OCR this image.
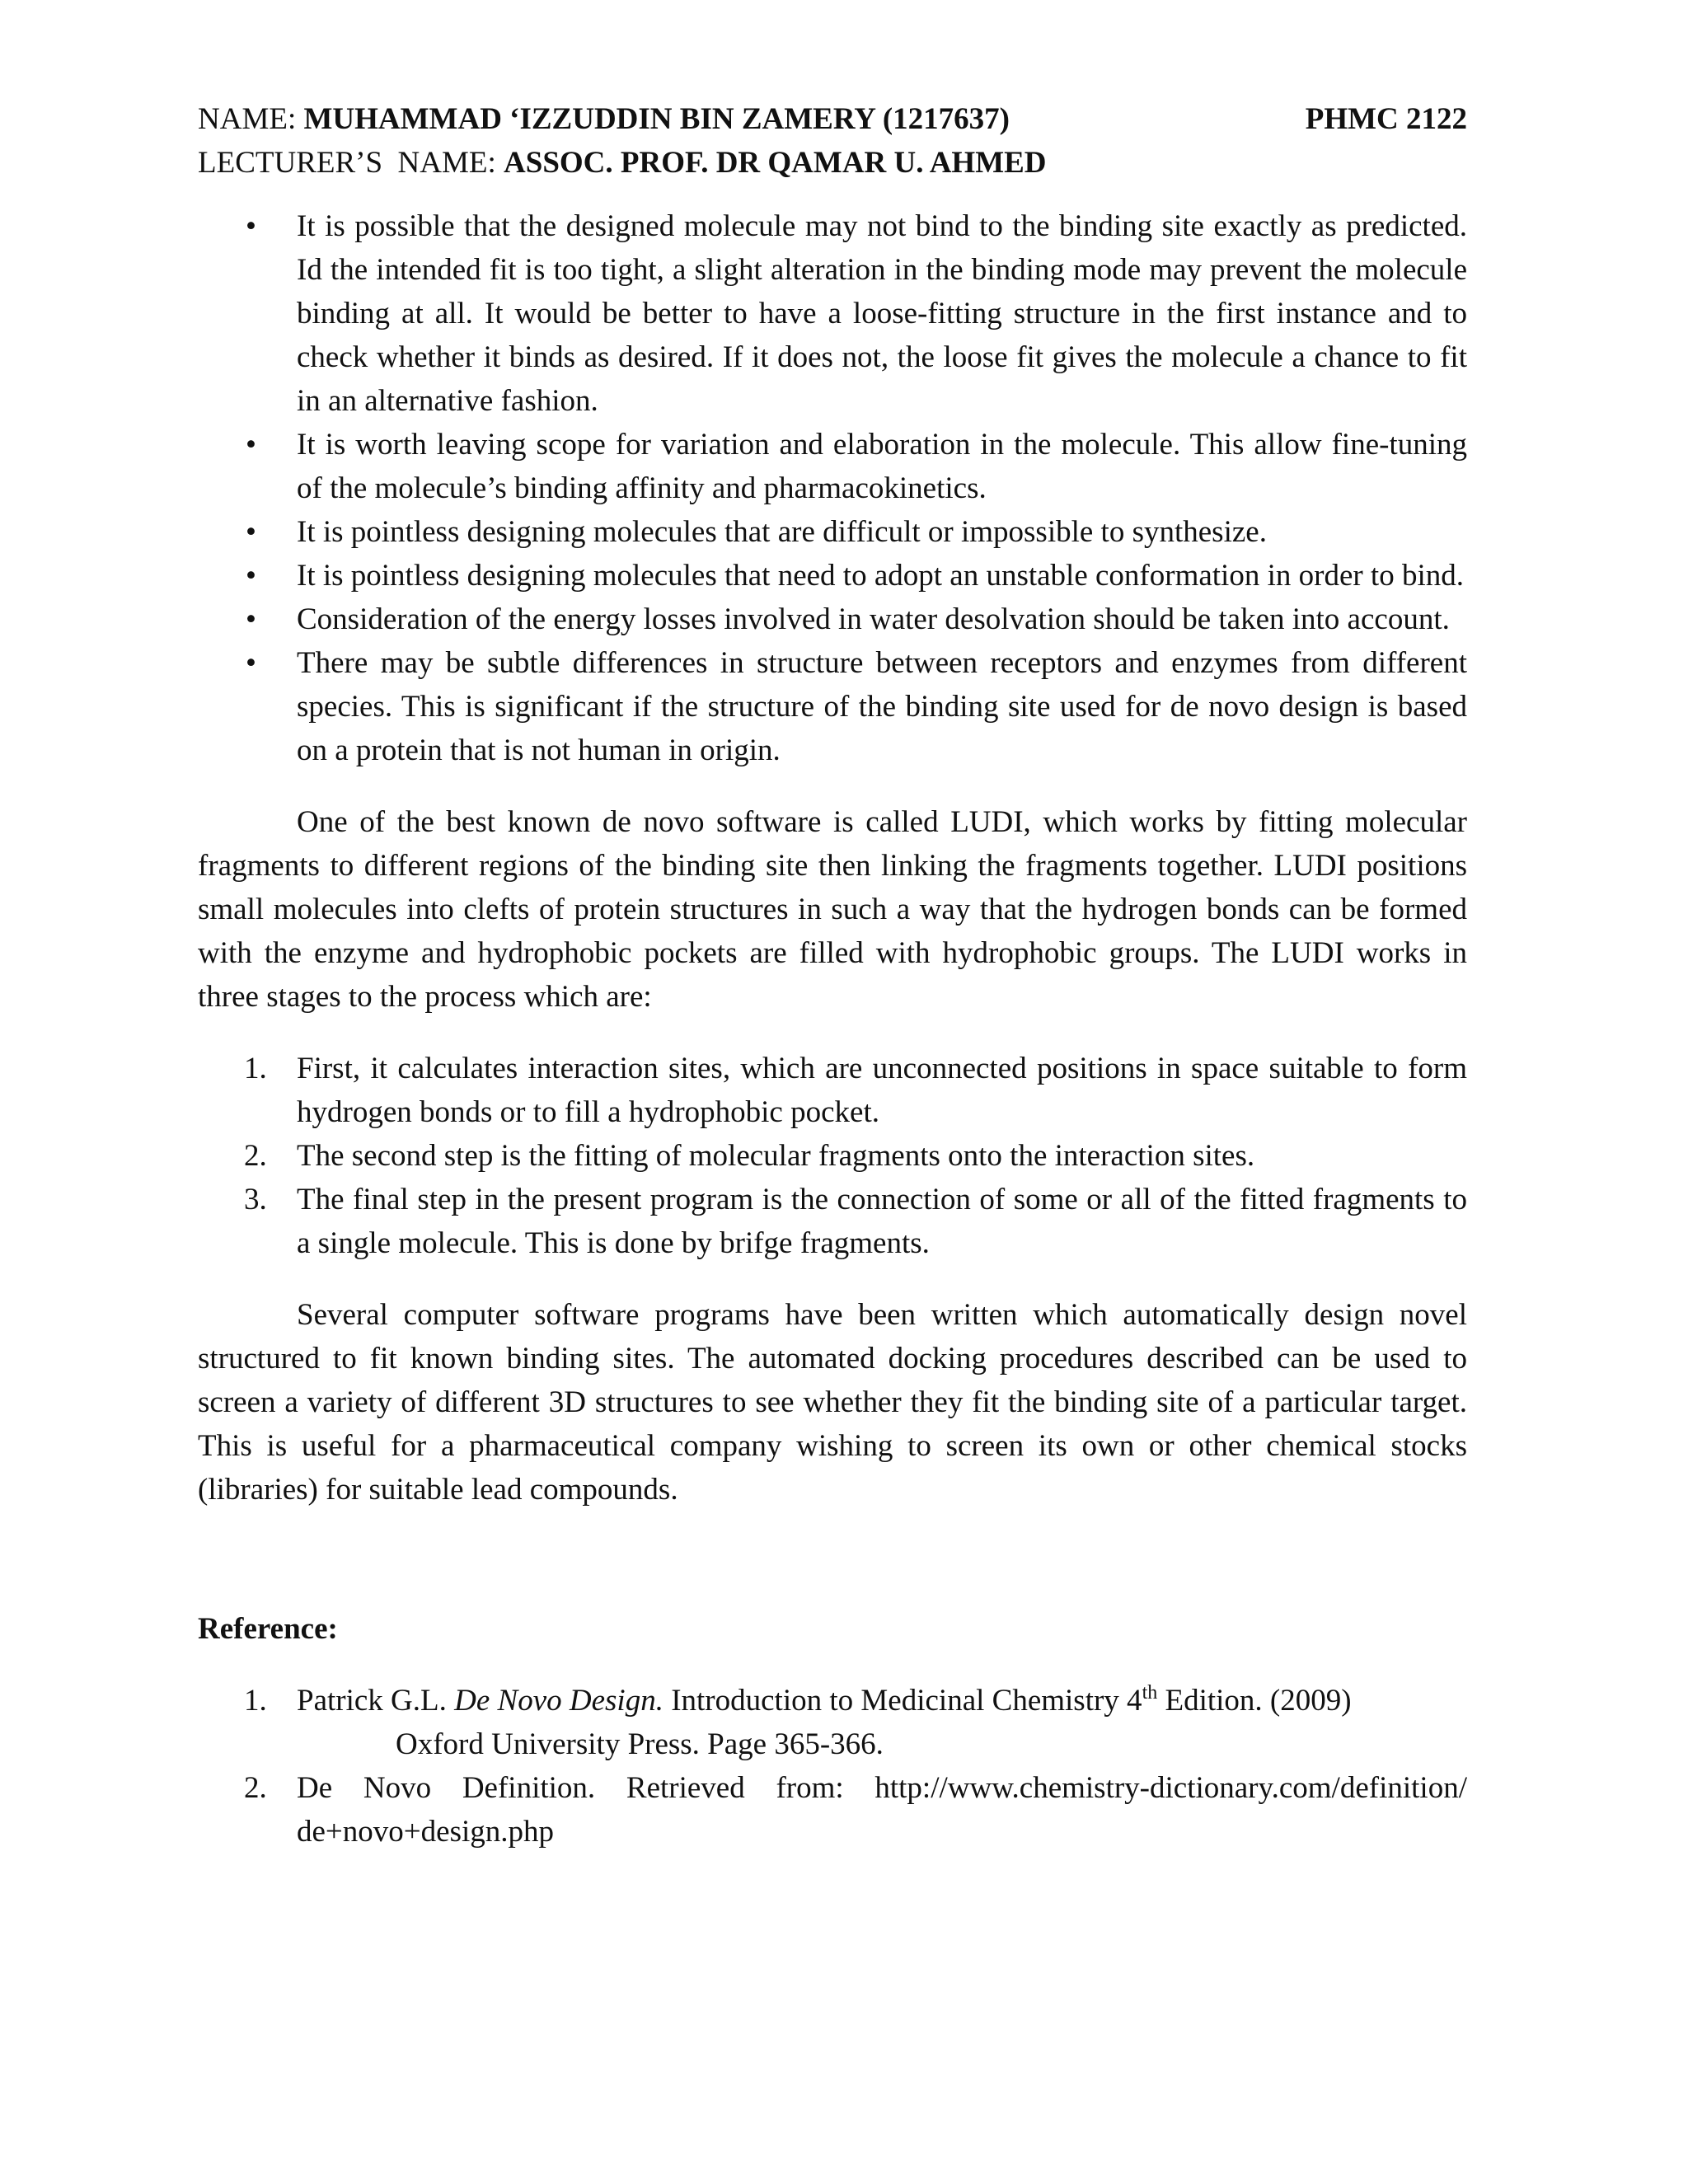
NAME: MUHAMMAD ‘IZZUDDIN BIN ZAMERY (1217637)	PHMC 2122
LECTURER’S  NAME:
ASSOC. PROF. DR QAMAR U. AHMED
• It is possible that the designed molecule may not bind to the binding site exactly as predicted. Id the intended fit is too tight, a slight alteration in the binding mode may prevent the molecule binding at all. It would be better to have a loose-fitting structure in the first instance and to check whether it binds as desired. If it does not, the loose fit gives the molecule a chance to fit in an alternative fashion.
• It is worth leaving scope for variation and elaboration in the molecule. This allow fine-tuning of the molecule’s binding affinity and pharmacokinetics.
• It is pointless designing molecules that are difficult or impossible to synthesize.
• It is pointless designing molecules that need to adopt an unstable conformation in order to bind.
• Consideration of the energy losses involved in water desolvation should be taken into account.
• There may be subtle differences in structure between receptors and enzymes from different species. This is significant if the structure of the binding site used for de novo design is based on a protein that is not human in origin.

One of the best known de novo software is called LUDI, which works by fitting molecular fragments to different regions of the binding site then linking the fragments together. LUDI positions small molecules into clefts of protein structures in such a way that the hydrogen bonds can be formed with the enzyme and hydrophobic pockets are filled with hydrophobic groups. The LUDI works in three stages to the process which are:

1. First, it calculates interaction sites, which are unconnected positions in space suitable to form hydrogen bonds or to fill a hydrophobic pocket.
2. The second step is the fitting of molecular fragments onto the interaction sites.
3. The final step in the present program is the connection of some or all of the fitted fragments to a single molecule. This is done by brifge fragments.

Several computer software programs have been written which automatically design novel structured to fit known binding sites. The automated docking procedures described can be used to screen a variety of different 3D structures to see whether they fit the binding site of a particular target. This is useful for a pharmaceutical company wishing to screen its own or other chemical stocks (libraries) for suitable lead compounds.

Reference:

1. Patrick G.L. De Novo Design. Introduction to Medicinal Chemistry 4th Edition. (2009)
Oxford University Press. Page 365-366.
2. De Novo Definition. Retrieved from: http://www.chemistry-dictionary.com/definition/
de+novo+design.php
